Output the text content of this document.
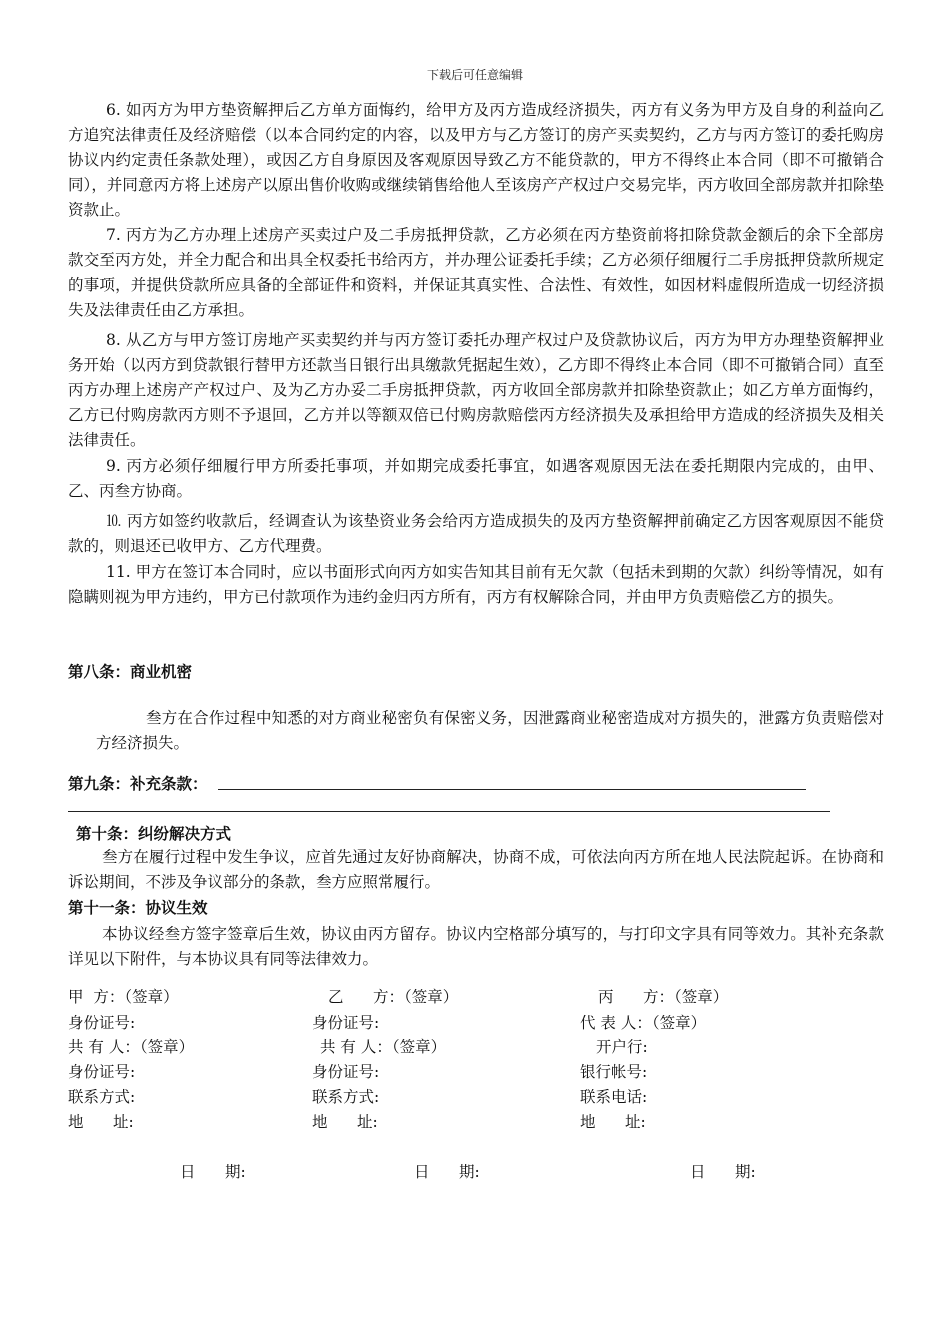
下载后可任意编辑

6. 如丙方为甲方垫资解押后乙方单方面悔约，给甲方及丙方造成经济损失，丙方有义务为甲方及自身的利益向乙方追究法律责任及经济赔偿（以本合同约定的内容，以及甲方与乙方签订的房产买卖契约，乙方与丙方签订的委托购房协议内约定责任条款处理），或因乙方自身原因及客观原因导致乙方不能贷款的，甲方不得终止本合同（即不可撤销合同），并同意丙方将上述房产以原出售价收购或继续销售给他人至该房产产权过户交易完毕，丙方收回全部房款并扣除垫资款止。

7. 丙方为乙方办理上述房产买卖过户及二手房抵押贷款，乙方必须在丙方垫资前将扣除贷款金额后的余下全部房款交至丙方处，并全力配合和出具全权委托书给丙方，并办理公证委托手续；乙方必须仔细履行二手房抵押贷款所规定的事项，并提供贷款所应具备的全部证件和资料，并保证其真实性、合法性、有效性，如因材料虚假所造成一切经济损失及法律责任由乙方承担。

8. 从乙方与甲方签订房地产买卖契约并与丙方签订委托办理产权过户及贷款协议后，丙方为甲方办理垫资解押业务开始（以丙方到贷款银行替甲方还款当日银行出具缴款凭据起生效），乙方即不得终止本合同（即不可撤销合同）直至丙方办理上述房产产权过户、及为乙方办妥二手房抵押贷款，丙方收回全部房款并扣除垫资款止；如乙方单方面悔约，乙方已付购房款丙方则不予退回，乙方并以等额双倍已付购房款赔偿丙方经济损失及承担给甲方造成的经济损失及相关法律责任。

9. 丙方必须仔细履行甲方所委托事项，并如期完成委托事宜，如遇客观原因无法在委托期限内完成的，由甲、乙、丙叁方协商。

⒑ 丙方如签约收款后，经调查认为该垫资业务会给丙方造成损失的及丙方垫资解押前确定乙方因客观原因不能贷款的，则退还已收甲方、乙方代理费。

11. 甲方在签订本合同时，应以书面形式向丙方如实告知其目前有无欠款（包括未到期的欠款）纠纷等情况，如有隐瞒则视为甲方违约，甲方已付款项作为违约金归丙方所有，丙方有权解除合同，并由甲方负责赔偿乙方的损失。

第八条：商业机密

叁方在合作过程中知悉的对方商业秘密负有保密义务，因泄露商业秘密造成对方损失的，泄露方负责赔偿对方经济损失。

第九条：补充条款：
第十条：纠纷解决方式

叁方在履行过程中发生争议，应首先通过友好协商解决，协商不成，可依法向丙方所在地人民法院起诉。在协商和诉讼期间，不涉及争议部分的条款，叁方应照常履行。

第十一条：协议生效

本协议经叁方签字签章后生效，协议由丙方留存。协议内空格部分填写的，与打印文字具有同等效力。其补充条款详见以下附件，与本协议具有同等法律效力。

甲  方：（签章）
身份证号:
共 有 人：（签章）
身份证号:
联系方式:
地      址:
日      期:
乙      方：（签章）
身份证号:
共 有 人：（签章）
身份证号:
联系方式:
地      址:
日      期:
丙      方：（签章）
代 表 人：（签章）
开户行:
银行帐号:
联系电话:
地      址:
日      期:
